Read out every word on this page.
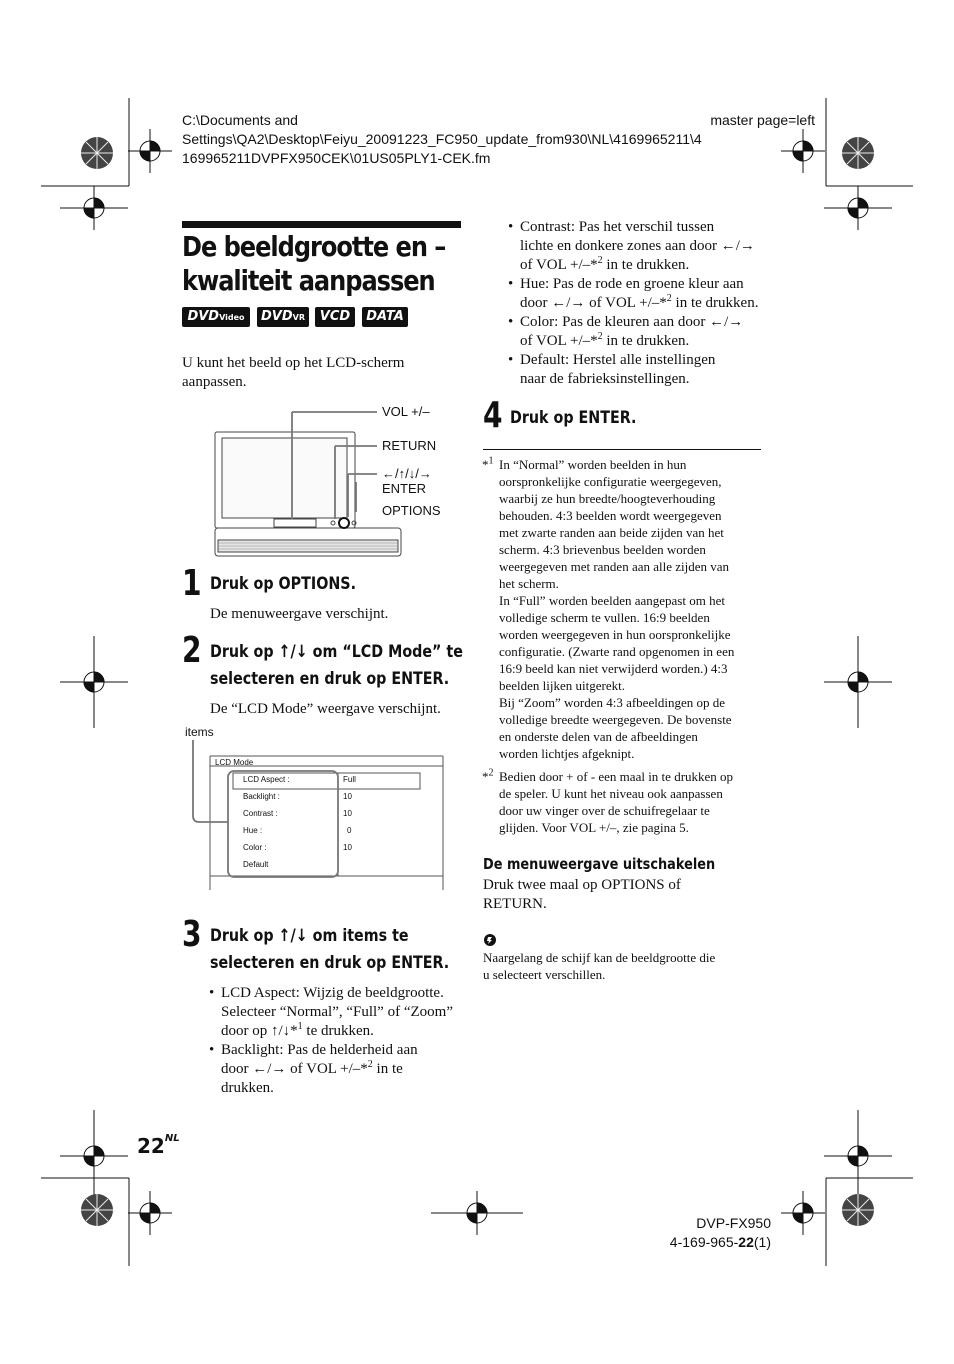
C:\Documents and
Settings\QA2\Desktop\Feiyu_20091223_FC950_update_from930\NL\4169965211\4
169965211DVPFX950CEK\01US05PLY1-CEK.fm
master page=left
De beeldgrootte en –
kwaliteit aanpassen
DVDVideo	DVDVR	VCD	DATA
U kunt het beeld op het LCD-scherm aanpassen.
VOL +/–
RETURN
←/↑/↓/→
ENTER
OPTIONS
1 Druk op OPTIONS.
De menuweergave verschijnt.
2 Druk op ↑/↓ om “LCD Mode” te
selecteren en druk op ENTER.
De “LCD Mode” weergave verschijnt.
items
LCD Mode
LCD Aspect :	Full
Backlight :	10
Contrast :	10
Hue :	0
Color :	10
Default
3 Druk op ↑/↓ om items te
selecteren en druk op ENTER.
• LCD Aspect: Wijzig de beeldgrootte.
Selecteer “Normal”, “Full” of “Zoom”
door op ↑/↓*$^1$ te drukken.
• Backlight: Pas de helderheid aan
door ←/→ of VOL +/–*$^2$ in te
drukken.
$22^{NL}$
• Contrast: Pas het verschil tussen
lichte en donkere zones aan door ←/→
of VOL +/–*$^2$ in te drukken.
• Hue: Pas de rode en groene kleur aan
door ←/→ of VOL +/–*$^2$ in te drukken.
• Color: Pas de kleuren aan door ←/→
of VOL +/–*$^2$ in te drukken.
• Default: Herstel alle instellingen
naar de fabrieksinstellingen.
4 Druk op ENTER.
*$^1$ In “Normal” worden beelden in hun
oorspronkelijke configuratie weergegeven,
waarbij ze hun breedte/hoogteverhouding
behouden. 4:3 beelden wordt weergegeven
met zwarte randen aan beide zijden van het
scherm. 4:3 brievenbus beelden worden
weergegeven met randen aan alle zijden van
het scherm.
In “Full” worden beelden aangepast om het
volledige scherm te vullen. 16:9 beelden
worden weergegeven in hun oorspronkelijke
configuratie. (Zwarte rand opgenomen in een
16:9 beeld kan niet verwijderd worden.) 4:3
beelden lijken uitgerekt.
Bij “Zoom” worden 4:3 afbeeldingen op de
volledige breedte weergegeven. De bovenste
en onderste delen van de afbeeldingen
worden lichtjes afgeknipt.
*$^2$ Bedien door + of - een maal in te drukken op
de speler. U kunt het niveau ook aanpassen
door uw vinger over de schuifregelaar te
glijden. Voor VOL +/–, zie pagina 5.
De menuweergave uitschakelen
Druk twee maal op OPTIONS of
RETURN.
Naargelang de schijf kan de beeldgrootte die
u selecteert verschillen.
DVP-FX950
4-169-965-22(1)
